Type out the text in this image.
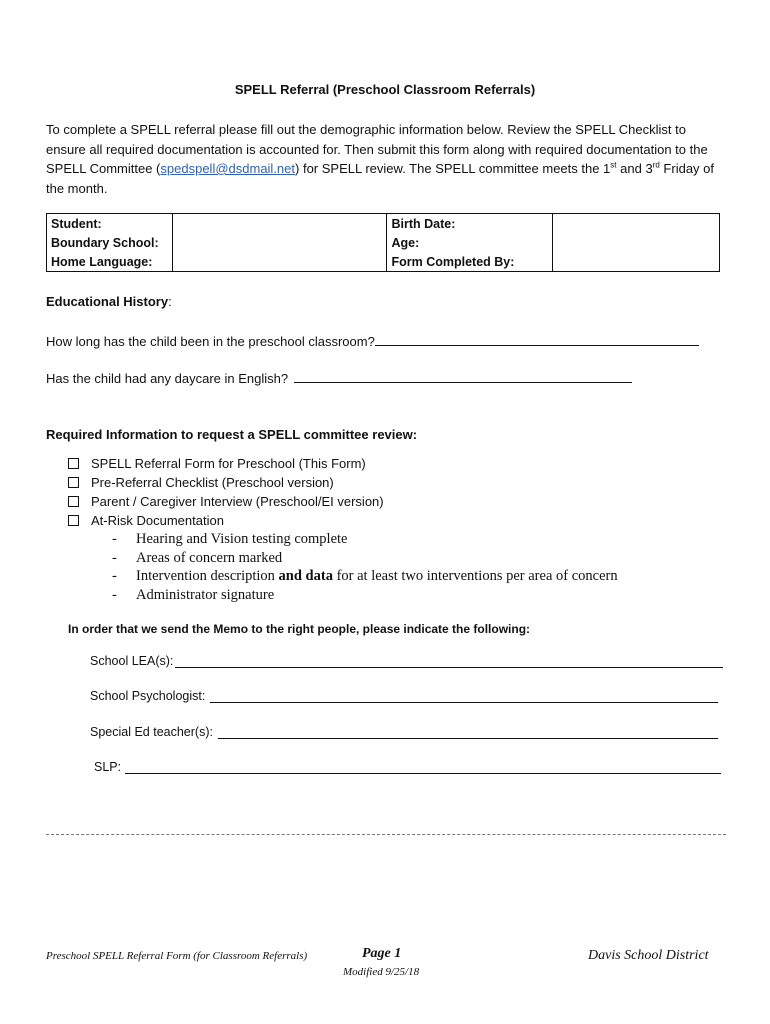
SPELL Referral (Preschool Classroom Referrals)
To complete a SPELL referral please fill out the demographic information below. Review the SPELL Checklist to ensure all required documentation is accounted for. Then submit this form along with required documentation to the SPELL Committee (spedspell@dsdmail.net) for SPELL review. The SPELL committee meets the 1st and 3rd Friday of the month.
Student:		Birth Date:	
Boundary School:		Age:	
Home Language:		Form Completed By:	
Educational History:
How long has the child been in the preschool classroom?
Has the child had any daycare in English?
Required Information to request a SPELL committee review:
SPELL Referral Form for Preschool (This Form)
Pre-Referral Checklist (Preschool version)
Parent / Caregiver Interview (Preschool/EI version)
At-Risk Documentation
-	Hearing and Vision testing complete
-	Areas of concern marked
-	Intervention description and data for at least two interventions per area of concern
-	Administrator signature
In order that we send the Memo to the right people, please indicate the following:
School LEA(s):
School Psychologist:
Special Ed teacher(s):
SLP:
Preschool SPELL Referral Form (for Classroom Referrals)	Page 1
Modified 9/25/18
Davis School District
